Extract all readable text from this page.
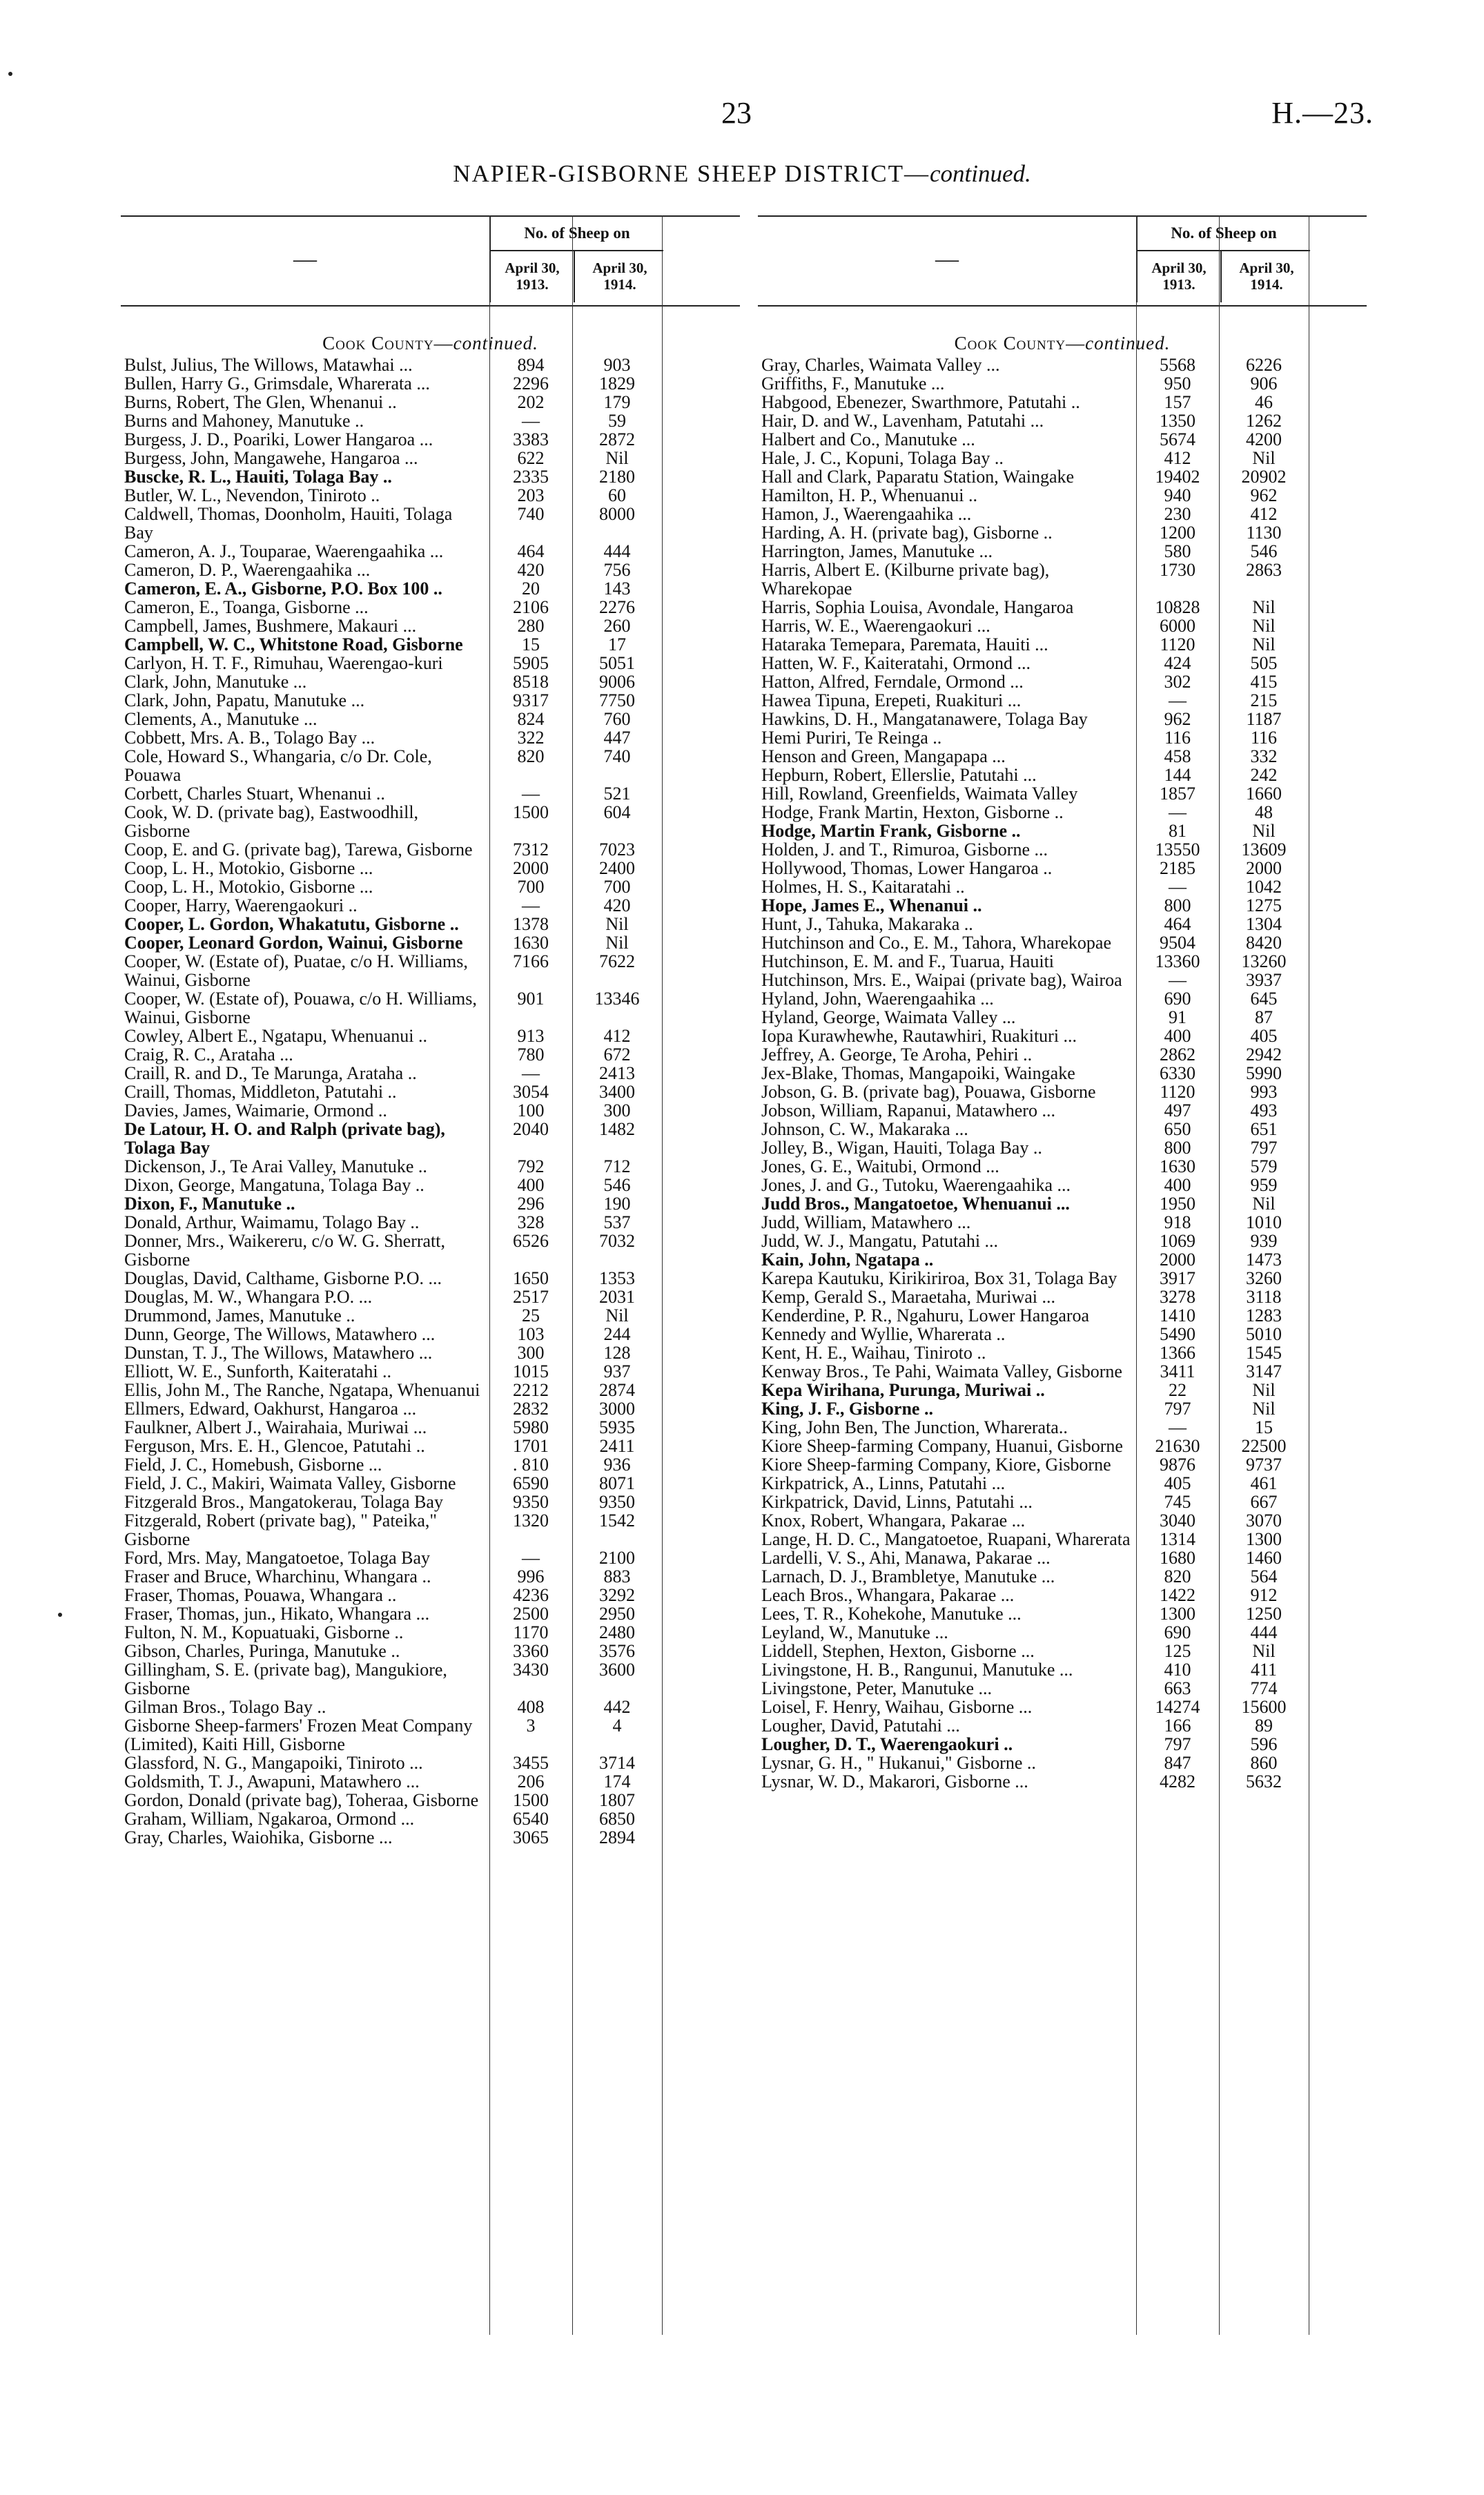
23	H.—23.
NAPIER-GISBORNE SHEEP DISTRICT—continued.
—
No. of Sheep on
April 30,
1913.
April 30,
1914.
Cook County—continued.
Bulst, Julius, The Willows, Matawhai ...	894	903
Bullen, Harry G., Grimsdale, Wharerata ...	2296	1829
Burns, Robert, The Glen, Whenanui ..	202	179
Burns and Mahoney, Manutuke ..	—	59
Burgess, J. D., Poariki, Lower Hangaroa ...	3383	2872
Burgess, John, Mangawehe, Hangaroa ...	622	Nil
Buscke, R. L., Hauiti, Tolaga Bay ..	2335	2180
Butler, W. L., Nevendon, Tiniroto ..	203	60
Caldwell, Thomas, Doonholm, Hauiti, Tolaga Bay
740	8000
Cameron, A. J., Touparae, Waerengaahika ...	464	444
Cameron, D. P., Waerengaahika ...	420	756
Cameron, E. A., Gisborne, P.O. Box 100 ..	20	143
Cameron, E., Toanga, Gisborne ...	2106	2276
Campbell, James, Bushmere, Makauri ...	280	260
Campbell, W. C., Whitstone Road, Gisborne	15	17
Carlyon, H. T. F., Rimuhau, Waerengao-kuri	5905	5051
Clark, John, Manutuke ...	8518	9006
Clark, John, Papatu, Manutuke ...	9317	7750
Clements, A., Manutuke ...	824	760
Cobbett, Mrs. A. B., Tolago Bay ...	322	447
Cole, Howard S., Whangaria, c/o Dr. Cole, Pouawa
820	740
Corbett, Charles Stuart, Whenanui ..	—	521
Cook, W. D. (private bag), Eastwoodhill, Gisborne
1500	604
Coop, E. and G. (private bag), Tarewa, Gisborne	7312	7023
Coop, L. H., Motokio, Gisborne ...	2000	2400
Coop, L. H., Motokio, Gisborne ...	700	700
Cooper, Harry, Waerengaokuri ..	—	420
Cooper, L. Gordon, Whakatutu, Gisborne ..	1378	Nil
Cooper, Leonard Gordon, Wainui, Gisborne	1630	Nil
Cooper, W. (Estate of), Puatae, c/o H. Williams, Wainui, Gisborne
7166	7622
Cooper, W. (Estate of), Pouawa, c/o H. Williams, Wainui, Gisborne
901	13346
Cowley, Albert E., Ngatapu, Whenuanui ..	913	412
Craig, R. C., Arataha ...	780	672
Craill, R. and D., Te Marunga, Arataha ..	—	2413
Craill, Thomas, Middleton, Patutahi ..	3054	3400
Davies, James, Waimarie, Ormond ..	100	300
De Latour, H. O. and Ralph (private bag), Tolaga Bay
2040	1482
Dickenson, J., Te Arai Valley, Manutuke ..	792	712
Dixon, George, Mangatuna, Tolaga Bay ..	400	546
Dixon, F., Manutuke ..	296	190
Donald, Arthur, Waimamu, Tolago Bay ..	328	537
Donner, Mrs., Waikereru, c/o W. G. Sherratt, Gisborne
6526	7032
Douglas, David, Calthame, Gisborne P.O. ...	1650	1353
Douglas, M. W., Whangara P.O. ...	2517	2031
Drummond, James, Manutuke ..	25	Nil
Dunn, George, The Willows, Matawhero ...	103	244
Dunstan, T. J., The Willows, Matawhero ...	300	128
Elliott, W. E., Sunforth, Kaiteratahi ..	1015	937
Ellis, John M., The Ranche, Ngatapa, Whenuanui	2212	2874
Ellmers, Edward, Oakhurst, Hangaroa ...	2832	3000
Faulkner, Albert J., Wairahaia, Muriwai ...	5980	5935
Ferguson, Mrs. E. H., Glencoe, Patutahi ..	1701	2411
Field, J. C., Homebush, Gisborne ...	. 810	936
Field, J. C., Makiri, Waimata Valley, Gisborne	6590	8071
Fitzgerald Bros., Mangatokerau, Tolaga Bay	9350	9350
Fitzgerald, Robert (private bag), " Pateika," Gisborne
1320	1542
Ford, Mrs. May, Mangatoetoe, Tolaga Bay	—	2100
Fraser and Bruce, Wharchinu, Whangara ..	996	883
Fraser, Thomas, Pouawa, Whangara ..	4236	3292
Fraser, Thomas, jun., Hikato, Whangara ...	2500	2950
Fulton, N. M., Kopuatuaki, Gisborne ..	1170	2480
Gibson, Charles, Puringa, Manutuke ..	3360	3576
Gillingham, S. E. (private bag), Mangukiore, Gisborne
3430	3600
Gilman Bros., Tolago Bay ..	408	442
Gisborne Sheep-farmers' Frozen Meat Company (Limited), Kaiti Hill, Gisborne
3	4
Glassford, N. G., Mangapoiki, Tiniroto ...	3455	3714
Goldsmith, T. J., Awapuni, Matawhero ...	206	174
Gordon, Donald (private bag), Toheraa, Gisborne	1500	1807
Graham, William, Ngakaroa, Ormond ...	6540	6850
Gray, Charles, Waiohika, Gisborne ...	3065	2894
—
No. of Sheep on
April 30,
1913.
April 30,
1914.
Cook County—continued.
Gray, Charles, Waimata Valley ...	5568	6226
Griffiths, F., Manutuke ...	950	906
Habgood, Ebenezer, Swarthmore, Patutahi ..	157	46
Hair, D. and W., Lavenham, Patutahi ...	1350	1262
Halbert and Co., Manutuke ...	5674	4200
Hale, J. C., Kopuni, Tolaga Bay ..	412	Nil
Hall and Clark, Paparatu Station, Waingake	19402	20902
Hamilton, H. P., Whenuanui ..	940	962
Hamon, J., Waerengaahika ...	230	412
Harding, A. H. (private bag), Gisborne ..	1200	1130
Harrington, James, Manutuke ...	580	546
Harris, Albert E. (Kilburne private bag), Wharekopae
1730	2863
Harris, Sophia Louisa, Avondale, Hangaroa	10828	Nil
Harris, W. E., Waerengaokuri ...	6000	Nil
Hataraka Temepara, Paremata, Hauiti ...	1120	Nil
Hatten, W. F., Kaiteratahi, Ormond ...	424	505
Hatton, Alfred, Ferndale, Ormond ...	302	415
Hawea Tipuna, Erepeti, Ruakituri ...	—	215
Hawkins, D. H., Mangatanawere, Tolaga Bay	962	1187
Hemi Puriri, Te Reinga ..	116	116
Henson and Green, Mangapapa ...	458	332
Hepburn, Robert, Ellerslie, Patutahi ...	144	242
Hill, Rowland, Greenfields, Waimata Valley	1857	1660
Hodge, Frank Martin, Hexton, Gisborne ..	—	48
Hodge, Martin Frank, Gisborne ..	81	Nil
Holden, J. and T., Rimuroa, Gisborne ...	13550	13609
Hollywood, Thomas, Lower Hangaroa ..	2185	2000
Holmes, H. S., Kaitaratahi ..	—	1042
Hope, James E., Whenanui ..	800	1275
Hunt, J., Tahuka, Makaraka ..	464	1304
Hutchinson and Co., E. M., Tahora, Wharekopae	9504	8420
Hutchinson, E. M. and F., Tuarua, Hauiti	13360	13260
Hutchinson, Mrs. E., Waipai (private bag), Wairoa	—	3937
Hyland, John, Waerengaahika ...	690	645
Hyland, George, Waimata Valley ...	91	87
Iopa Kurawhewhe, Rautawhiri, Ruakituri ...	400	405
Jeffrey, A. George, Te Aroha, Pehiri ..	2862	2942
Jex-Blake, Thomas, Mangapoiki, Waingake	6330	5990
Jobson, G. B. (private bag), Pouawa, Gisborne	1120	993
Jobson, William, Rapanui, Matawhero ...	497	493
Johnson, C. W., Makaraka ...	650	651
Jolley, B., Wigan, Hauiti, Tolaga Bay ..	800	797
Jones, G. E., Waitubi, Ormond ...	1630	579
Jones, J. and G., Tutoku, Waerengaahika ...	400	959
Judd Bros., Mangatoetoe, Whenuanui ...	1950	Nil
Judd, William, Matawhero ...	918	1010
Judd, W. J., Mangatu, Patutahi ...	1069	939
Kain, John, Ngatapa ..	2000	1473
Karepa Kautuku, Kirikiriroa, Box 31, Tolaga Bay	3917	3260
Kemp, Gerald S., Maraetaha, Muriwai ...	3278	3118
Kenderdine, P. R., Ngahuru, Lower Hangaroa	1410	1283
Kennedy and Wyllie, Wharerata ..	5490	5010
Kent, H. E., Waihau, Tiniroto ..	1366	1545
Kenway Bros., Te Pahi, Waimata Valley, Gisborne	3411	3147
Kepa Wirihana, Purunga, Muriwai ..	22	Nil
King, J. F., Gisborne ..	797	Nil
King, John Ben, The Junction, Wharerata..	—	15
Kiore Sheep-farming Company, Huanui, Gisborne	21630	22500
Kiore Sheep-farming Company, Kiore, Gisborne	9876	9737
Kirkpatrick, A., Linns, Patutahi ...	405	461
Kirkpatrick, David, Linns, Patutahi ...	745	667
Knox, Robert, Whangara, Pakarae ...	3040	3070
Lange, H. D. C., Mangatoetoe, Ruapani, Wharerata	1314	1300
Lardelli, V. S., Ahi, Manawa, Pakarae ...	1680	1460
Larnach, D. J., Brambletye, Manutuke ...	820	564
Leach Bros., Whangara, Pakarae ...	1422	912
Lees, T. R., Kohekohe, Manutuke ...	1300	1250
Leyland, W., Manutuke ...	690	444
Liddell, Stephen, Hexton, Gisborne ...	125	Nil
Livingstone, H. B., Rangunui, Manutuke ...	410	411
Livingstone, Peter, Manutuke ...	663	774
Loisel, F. Henry, Waihau, Gisborne ...	14274	15600
Lougher, David, Patutahi ...	166	89
Lougher, D. T., Waerengaokuri ..	797	596
Lysnar, G. H., " Hukanui," Gisborne ..	847	860
Lysnar, W. D., Makarori, Gisborne ...	4282	5632
